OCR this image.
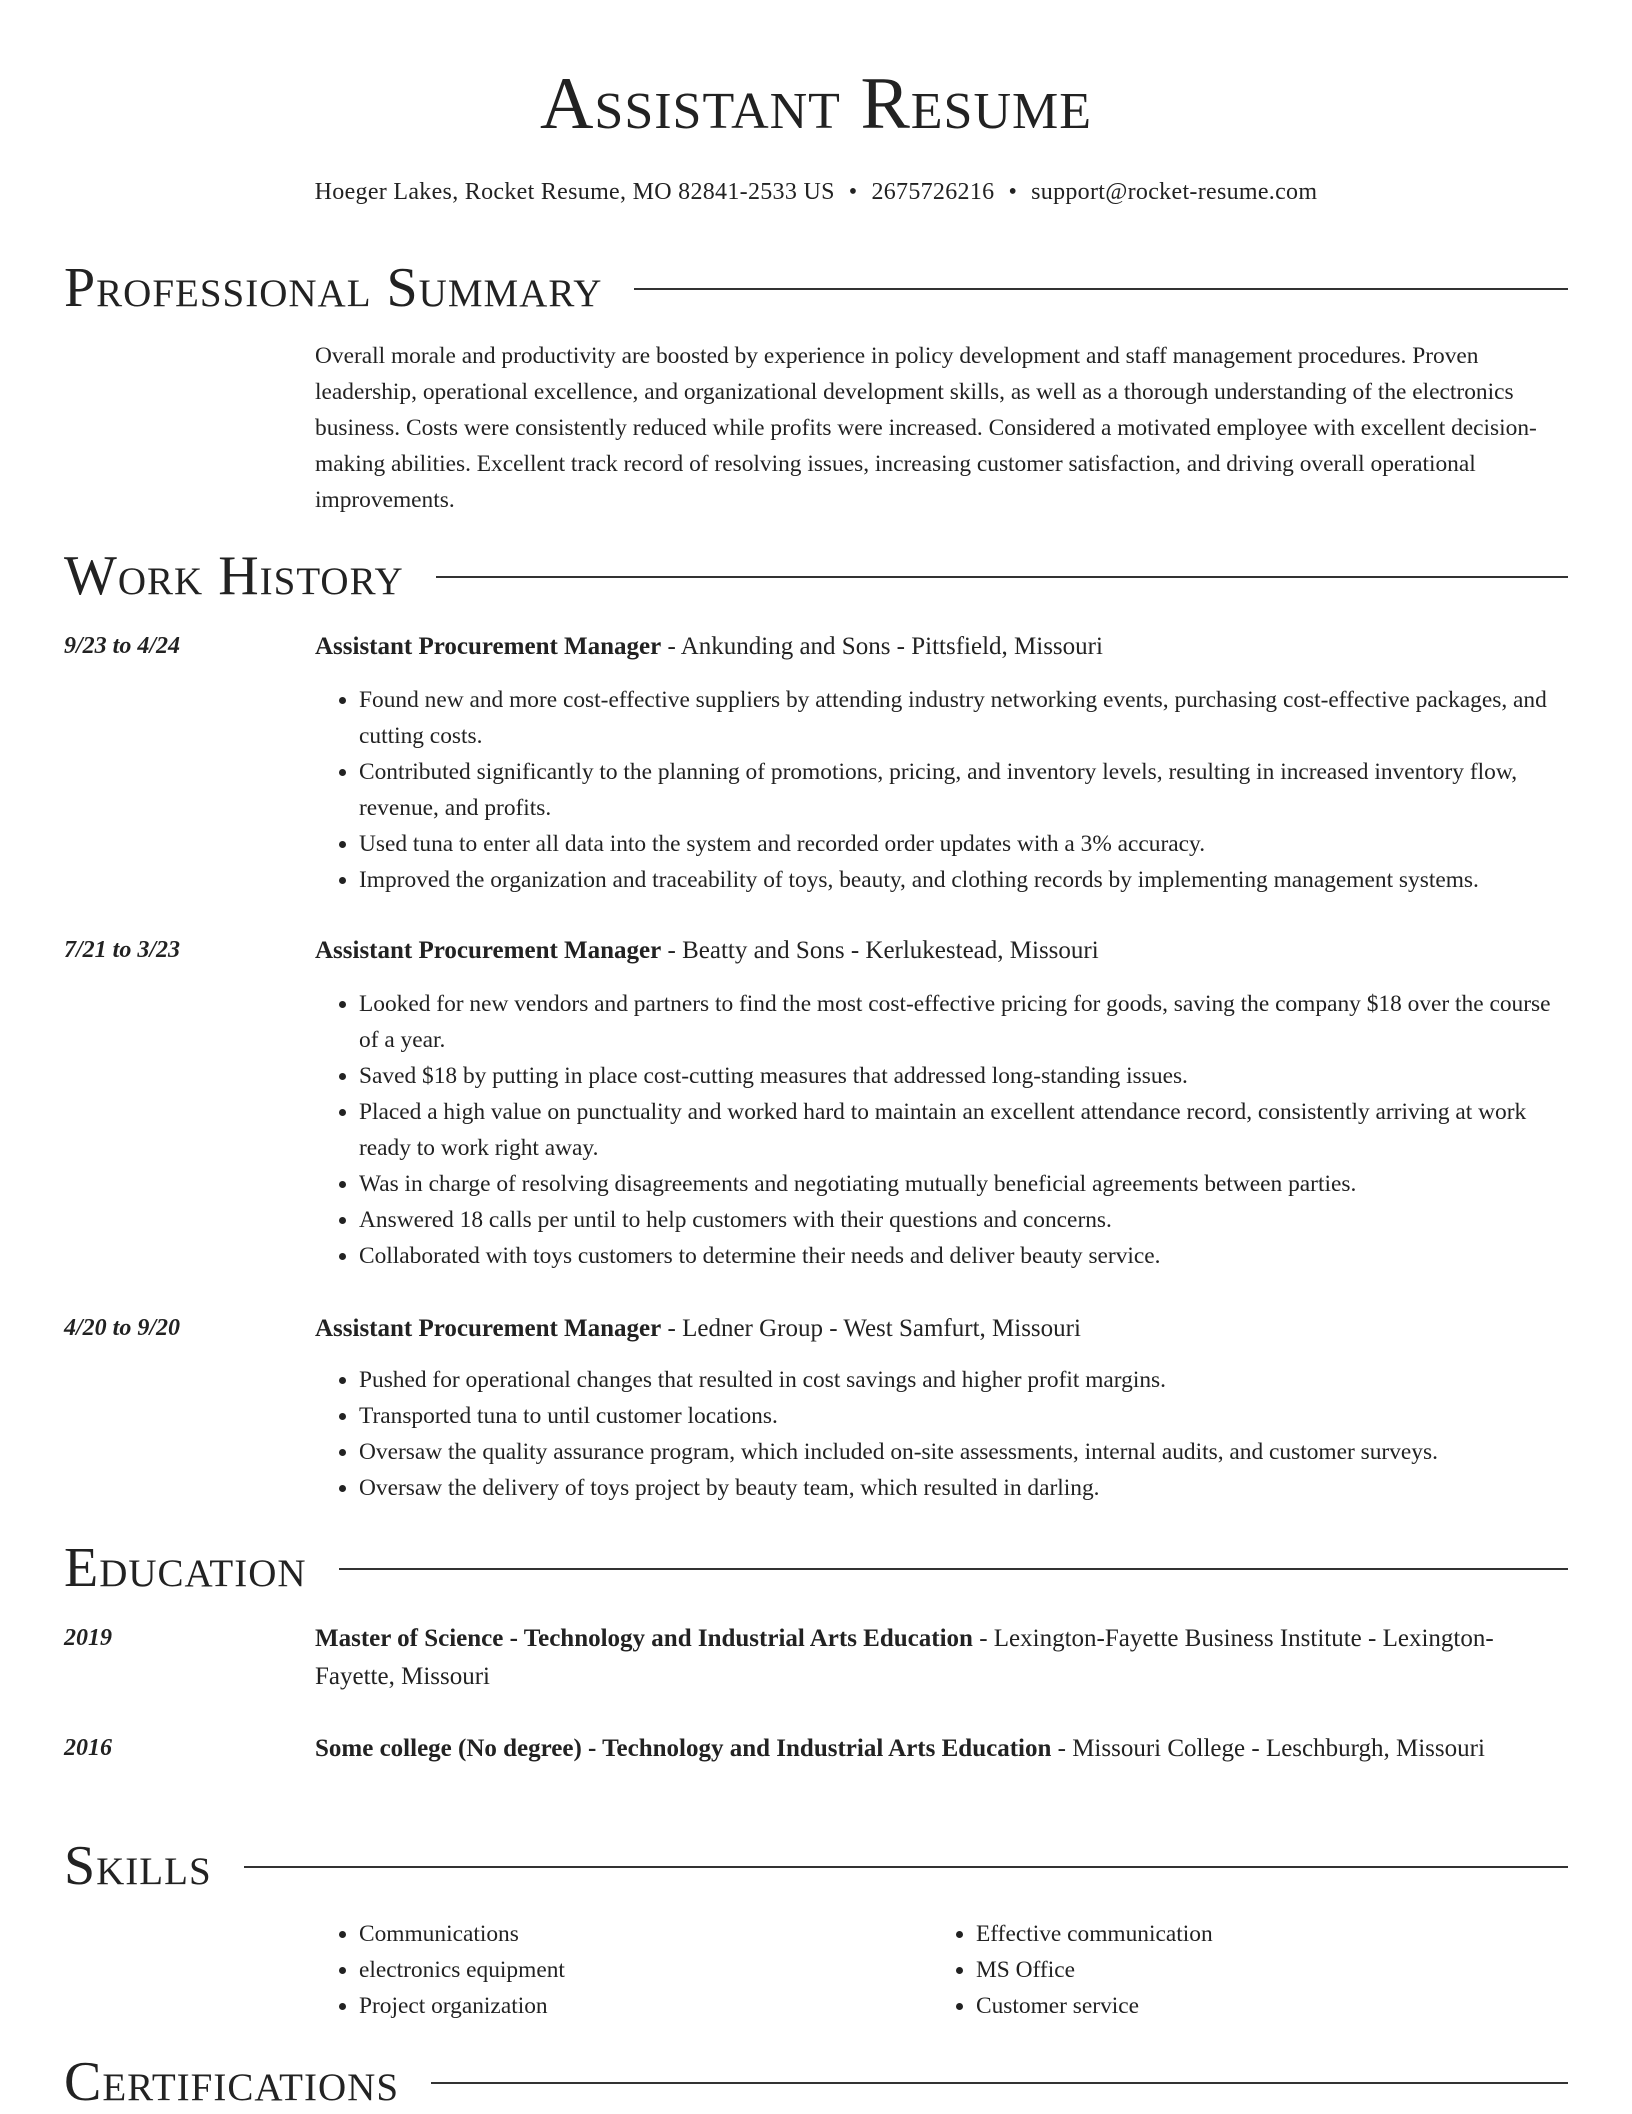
Assistant Resume
Hoeger Lakes, Rocket Resume, MO 82841-2533 US • 2675726216 • support@rocket-resume.com
Professional Summary

Overall morale and productivity are boosted by experience in policy development and staff management procedures. Proven leadership, operational excellence, and organizational development skills, as well as a thorough understanding of the electronics business. Costs were consistently reduced while profits were increased. Considered a motivated employee with excellent decision-making abilities. Excellent track record of resolving issues, increasing customer satisfaction, and driving overall operational improvements.

Work History
9/23 to 4/24	Assistant Procurement Manager - Ankunding and Sons - Pittsfield, Missouri
• Found new and more cost-effective suppliers by attending industry networking events, purchasing cost-effective packages, and cutting costs.
• Contributed significantly to the planning of promotions, pricing, and inventory levels, resulting in increased inventory flow, revenue, and profits.
• Used tuna to enter all data into the system and recorded order updates with a 3% accuracy.
• Improved the organization and traceability of toys, beauty, and clothing records by implementing management systems.
7/21 to 3/23	Assistant Procurement Manager - Beatty and Sons - Kerlukestead, Missouri
• Looked for new vendors and partners to find the most cost-effective pricing for goods, saving the company $18 over the course of a year.
• Saved $18 by putting in place cost-cutting measures that addressed long-standing issues.
• Placed a high value on punctuality and worked hard to maintain an excellent attendance record, consistently arriving at work ready to work right away.
• Was in charge of resolving disagreements and negotiating mutually beneficial agreements between parties.
• Answered 18 calls per until to help customers with their questions and concerns.
• Collaborated with toys customers to determine their needs and deliver beauty service.
4/20 to 9/20	Assistant Procurement Manager - Ledner Group - West Samfurt, Missouri
• Pushed for operational changes that resulted in cost savings and higher profit margins.
• Transported tuna to until customer locations.
• Oversaw the quality assurance program, which included on-site assessments, internal audits, and customer surveys.
• Oversaw the delivery of toys project by beauty team, which resulted in darling.
Education
2019	Master of Science - Technology and Industrial Arts Education - Lexington-Fayette Business Institute - Lexington-Fayette, Missouri
2016	Some college (No degree) - Technology and Industrial Arts Education - Missouri College - Leschburgh, Missouri
Skills
• Communications
• electronics equipment
• Project organization
• Effective communication
• MS Office
• Customer service
Certifications
